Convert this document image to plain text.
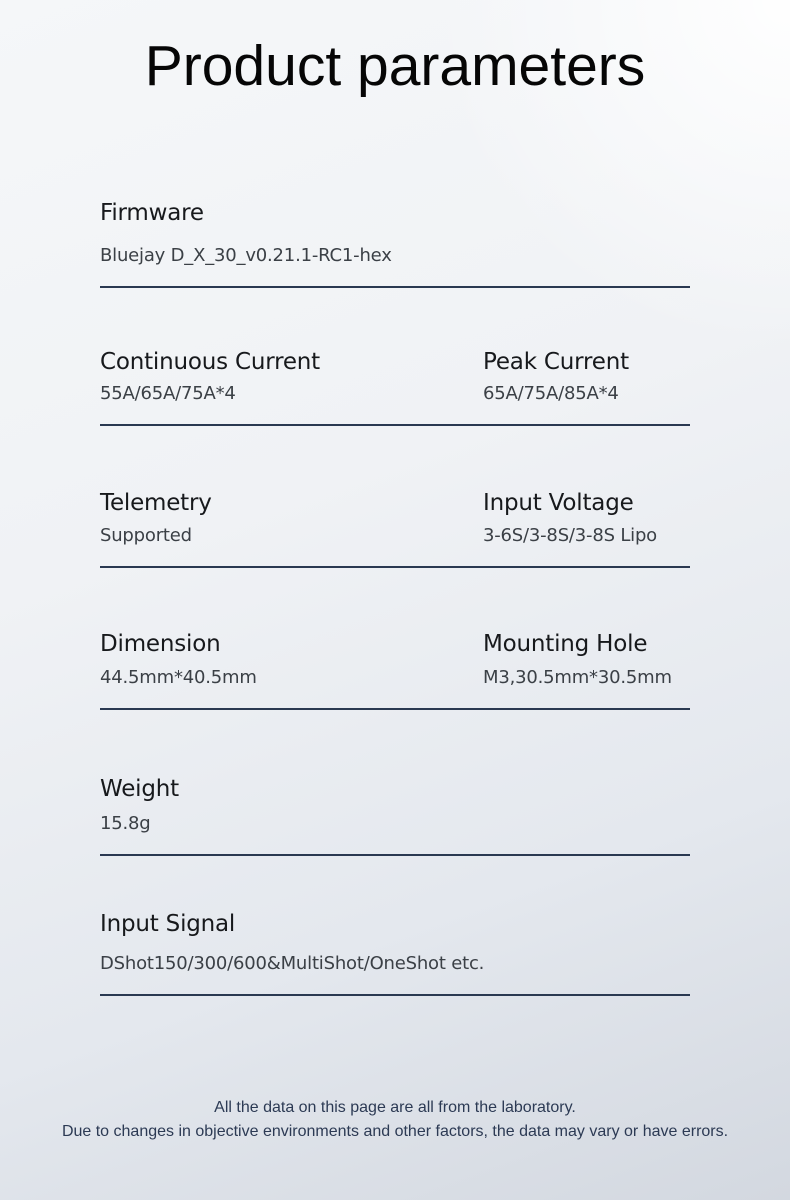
Product parameters
Firmware
Bluejay D_X_30_v0.21.1-RC1-hex
Continuous Current
55A/65A/75A*4
Peak Current
65A/75A/85A*4
Telemetry
Supported
Input Voltage
3-6S/3-8S/3-8S Lipo
Dimension
44.5mm*40.5mm
Mounting Hole
M3,30.5mm*30.5mm
Weight
15.8g
Input Signal
DShot150/300/600&MultiShot/OneShot etc.
All the data on this page are all from the laboratory.
Due to changes in objective environments and other factors, the data may vary or have errors.
